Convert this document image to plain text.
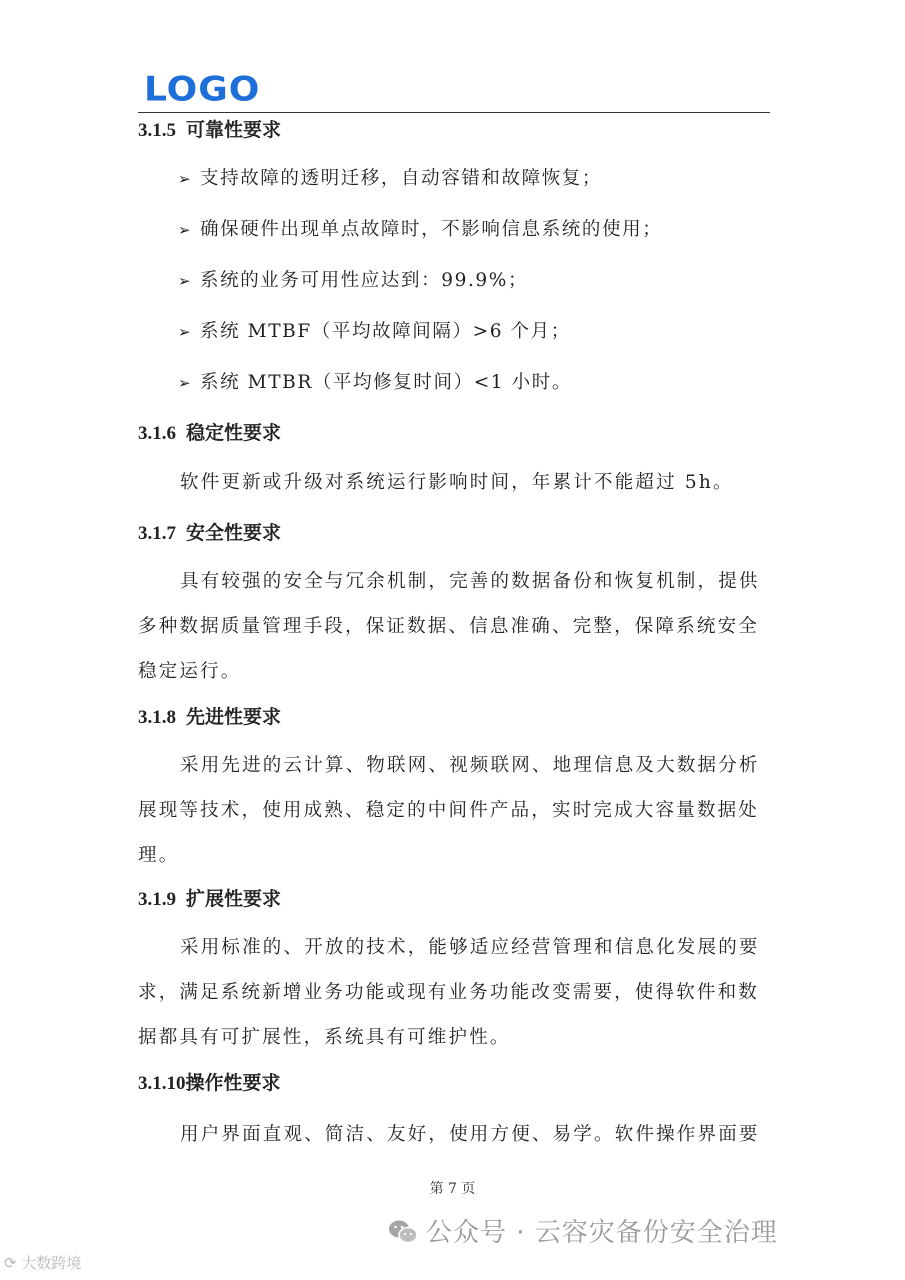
LOGO
3.1.5 可靠性要求
➢ 支持故障的透明迁移，自动容错和故障恢复；
➢ 确保硬件出现单点故障时，不影响信息系统的使用；
➢ 系统的业务可用性应达到：99.9%；
➢ 系统 MTBF（平均故障间隔）>6 个月；
➢ 系统 MTBR（平均修复时间）<1 小时。
3.1.6 稳定性要求
软件更新或升级对系统运行影响时间，年累计不能超过 5h。
3.1.7 安全性要求
具有较强的安全与冗余机制，完善的数据备份和恢复机制，提供多种数据质量管理手段，保证数据、信息准确、完整，保障系统安全稳定运行。
3.1.8 先进性要求
采用先进的云计算、物联网、视频联网、地理信息及大数据分析展现等技术，使用成熟、稳定的中间件产品，实时完成大容量数据处理。
3.1.9 扩展性要求
采用标准的、开放的技术，能够适应经营管理和信息化发展的要求，满足系统新增业务功能或现有业务功能改变需要，使得软件和数据都具有可扩展性，系统具有可维护性。
3.1.10操作性要求
用户界面直观、简洁、友好，使用方便、易学。软件操作界面要
第 7 页
公众号 · 云容灾备份安全治理
⟳ 大数跨境
